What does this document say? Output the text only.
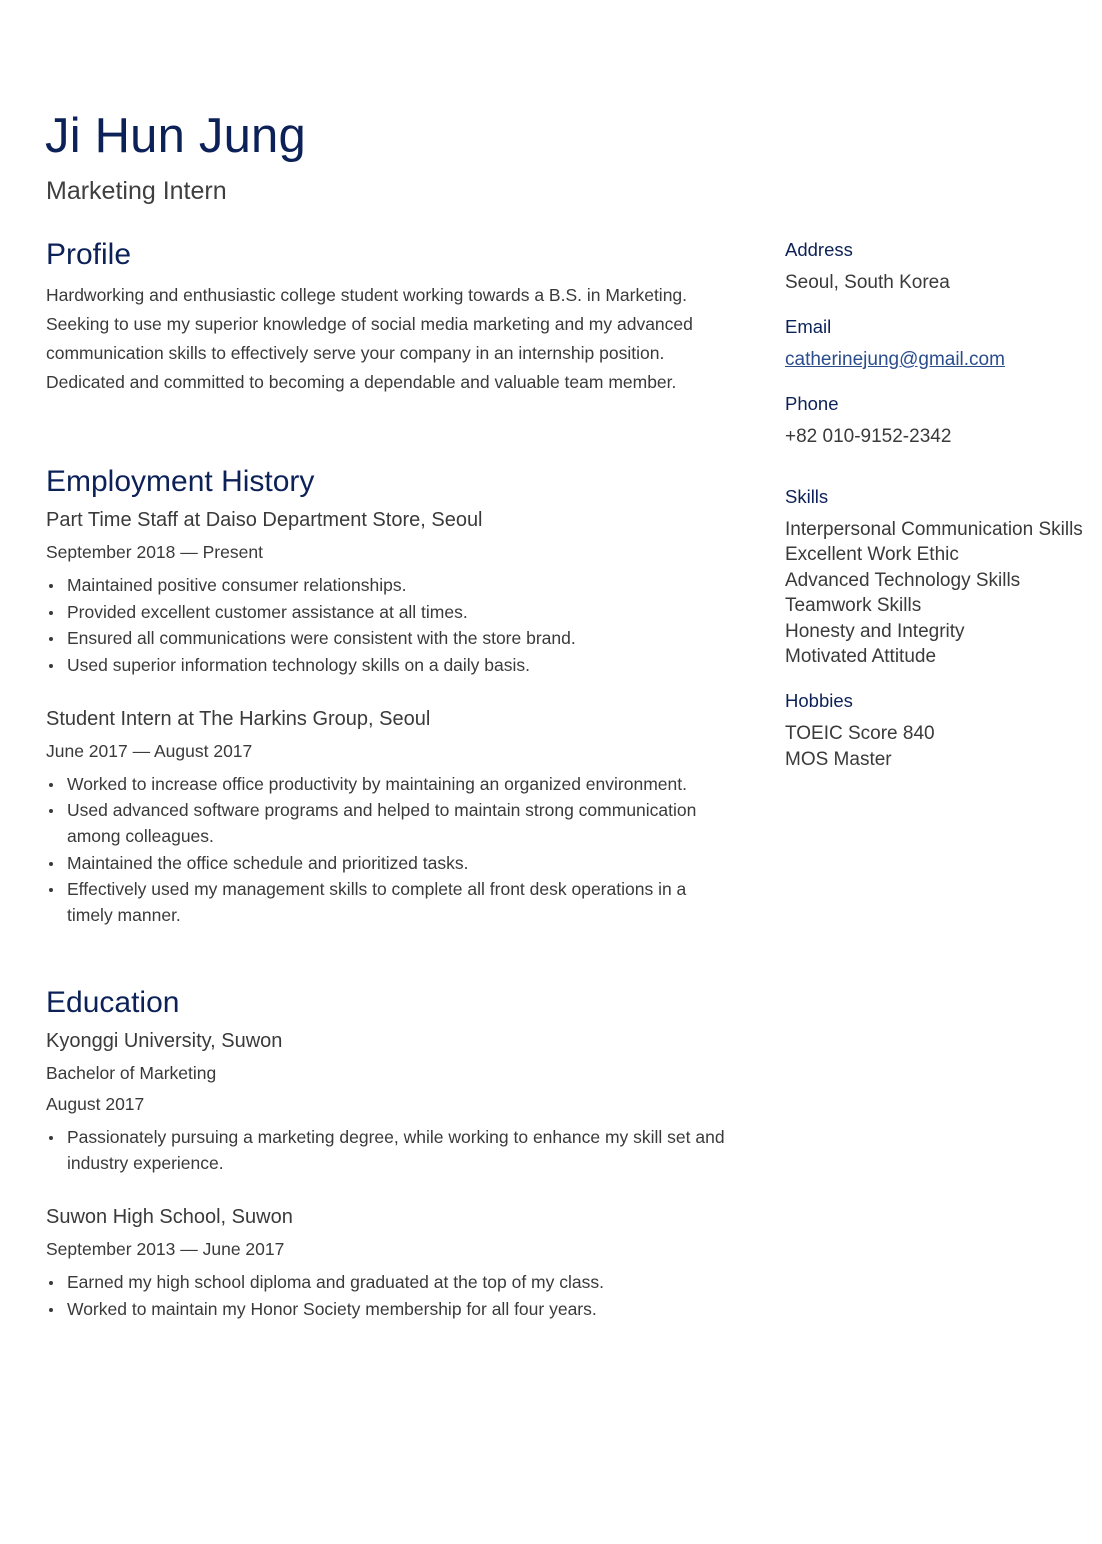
Ji Hun Jung
Marketing Intern
Profile

Hardworking and enthusiastic college student working towards a B.S. in Marketing. Seeking to use my superior knowledge of social media marketing and my advanced communication skills to effectively serve your company in an internship position. Dedicated and committed to becoming a dependable and valuable team member.

Employment History
Part Time Staff at Daiso Department Store, Seoul
September 2018 — Present
Maintained positive consumer relationships.
Provided excellent customer assistance at all times.
Ensured all communications were consistent with the store brand.
Used superior information technology skills on a daily basis.
Student Intern at The Harkins Group, Seoul
June 2017 — August 2017
Worked to increase office productivity by maintaining an organized environment.
Used advanced software programs and helped to maintain strong communication among colleagues.
Maintained the office schedule and prioritized tasks.
Effectively used my management skills to complete all front desk operations in a timely manner.
Education
Kyonggi University, Suwon
Bachelor of Marketing
August 2017
Passionately pursuing a marketing degree, while working to enhance my skill set and industry experience.
Suwon High School, Suwon
September 2013 — June 2017
Earned my high school diploma and graduated at the top of my class.
Worked to maintain my Honor Society membership for all four years.
Address
Seoul, South Korea
Email
catherinejung@gmail.com
Phone
+82 010-9152-2342
Skills
Interpersonal Communication Skills
Excellent Work Ethic
Advanced Technology Skills
Teamwork Skills
Honesty and Integrity
Motivated Attitude
Hobbies
TOEIC Score 840
MOS Master
